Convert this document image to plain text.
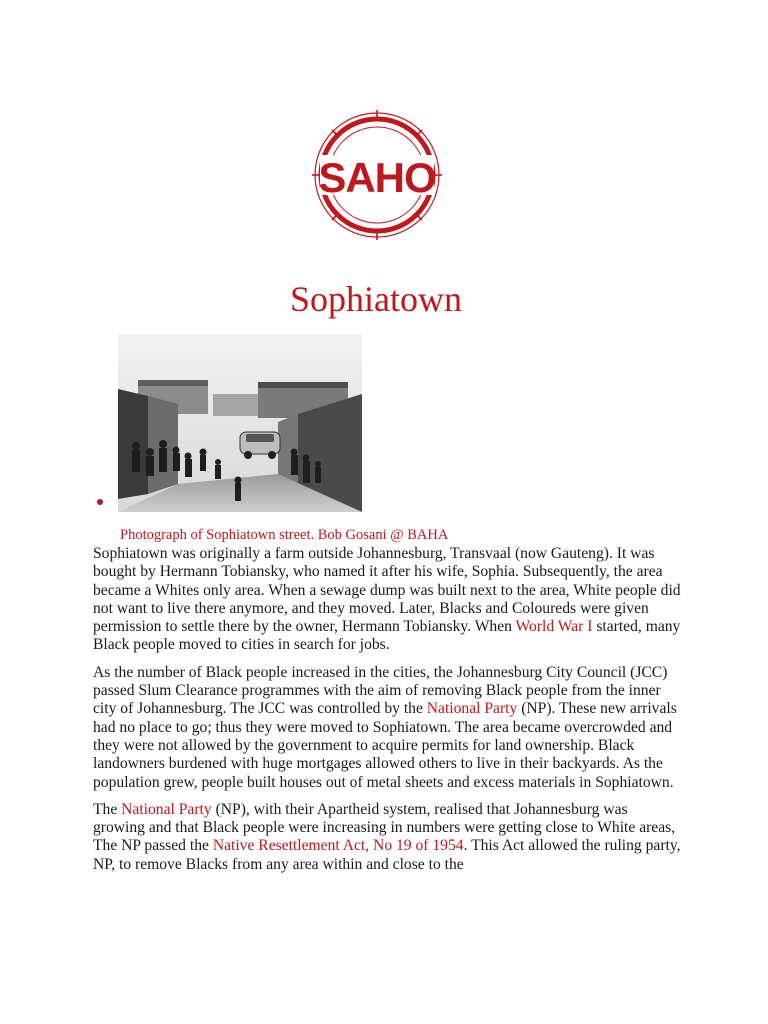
SAHO
Sophiatown
Photograph of Sophiatown street. Bob Gosani @ BAHA

Sophiatown was originally a farm outside Johannesburg, Transvaal (now Gauteng). It was bought by Hermann Tobiansky, who named it after his wife, Sophia. Subsequently, the area became a Whites only area. When a sewage dump was built next to the area, White people did not want to live there anymore, and they moved. Later, Blacks and Coloureds were given permission to settle there by the owner, Hermann Tobiansky. When World War I started, many Black people moved to cities in search for jobs.

As the number of Black people increased in the cities, the Johannesburg City Council (JCC) passed Slum Clearance programmes with the aim of removing Black people from the inner city of Johannesburg. The JCC was controlled by the National Party (NP). These new arrivals had no place to go; thus they were moved to Sophiatown. The area became overcrowded and they were not allowed by the government to acquire permits for land ownership. Black landowners burdened with huge mortgages allowed others to live in their backyards. As the population grew, people built houses out of metal sheets and excess materials in Sophiatown.

The National Party (NP), with their Apartheid system, realised that Johannesburg was growing and that Black people were increasing in numbers were getting close to White areas, The NP passed the Native Resettlement Act, No 19 of 1954. This Act allowed the ruling party, NP, to remove Blacks from any area within and close to the
